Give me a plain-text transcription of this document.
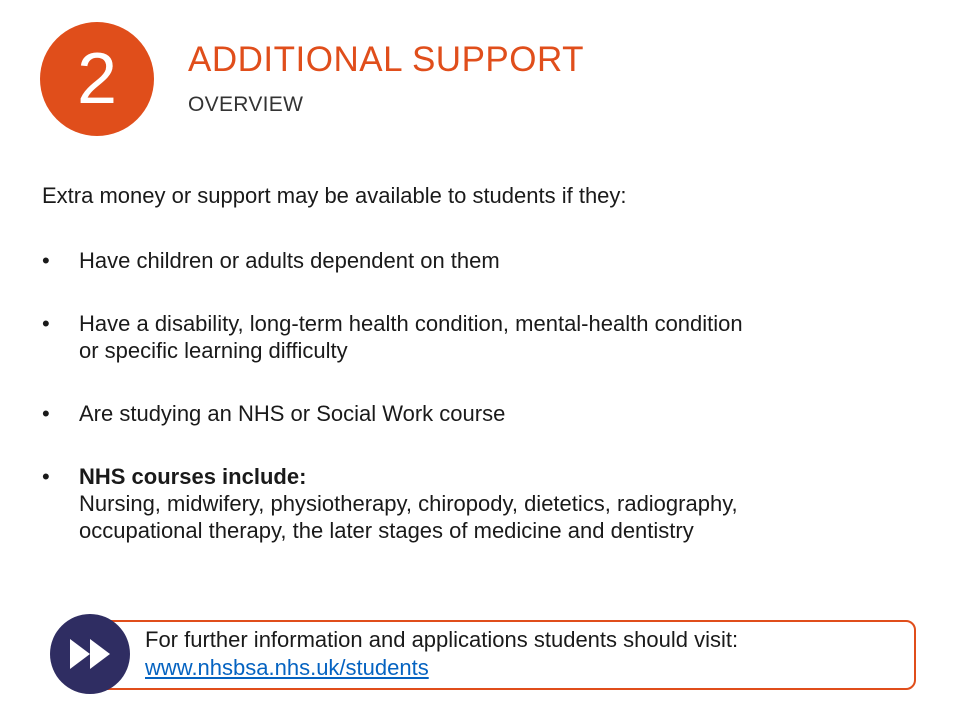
2 ADDITIONAL SUPPORT
OVERVIEW
Extra money or support may be available to students if they:
• Have children or adults dependent on them
• Have a disability, long-term health condition, mental-health condition
or specific learning difficulty
• Are studying an NHS or Social Work course
• NHS courses include:
Nursing, midwifery, physiotherapy, chiropody, dietetics, radiography,
occupational therapy, the later stages of medicine and dentistry
For further information and applications students should visit:
www.nhsbsa.nhs.uk/students
